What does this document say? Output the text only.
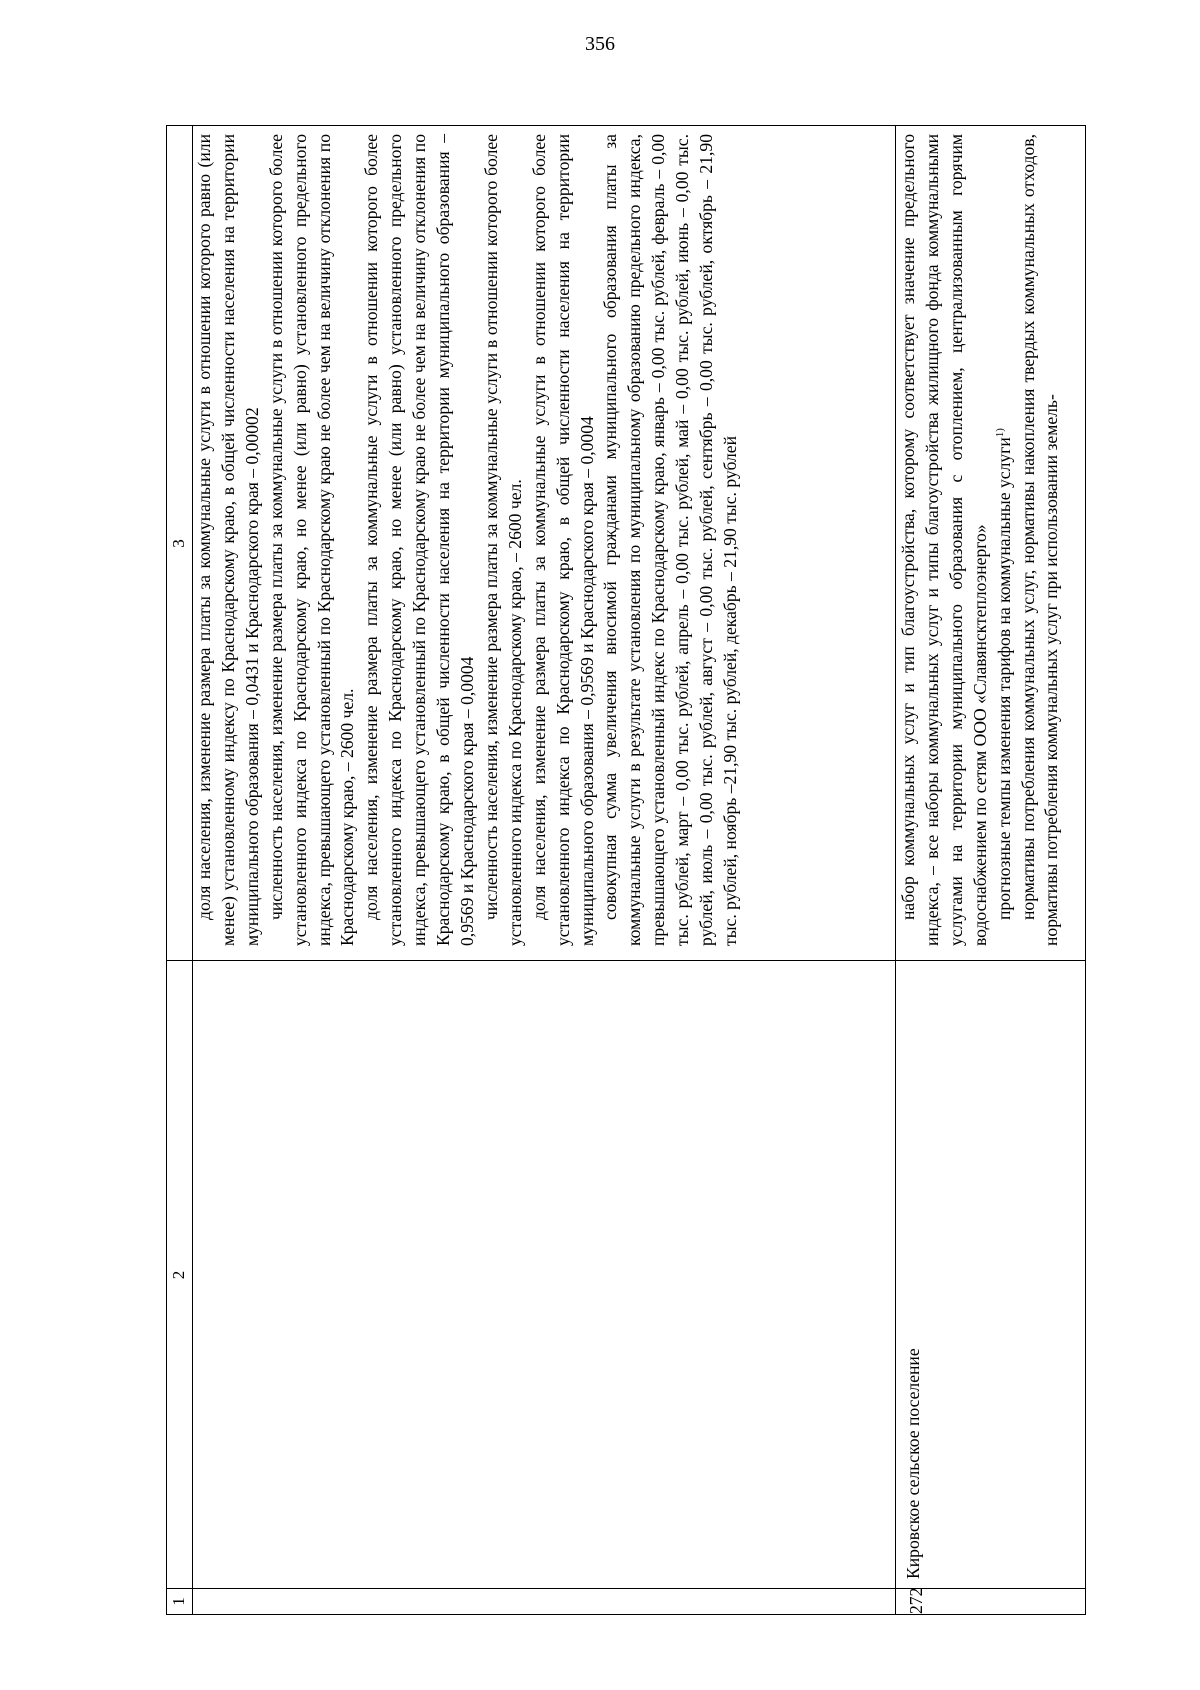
356
1
2
3 доля населения, изменение размера платы за коммунальные услуги в отношении которого равно (или менее) установленному индексу по Краснодарскому краю, в общей численности населения на территории муниципального образования – 0,0431 и Краснодарского края – 0,00002 численность населения, изменение размера платы за коммунальные услуги в отношении которого более установленного индекса по Краснодарскому краю, но менее (или равно) установленного предельного индекса, превышающего установленный по Краснодарскому краю не более чем на величину отклонения по Краснодарскому краю, – 2600 чел. доля населения, изменение размера платы за коммунальные услуги в отношении которого более установленного индекса по Краснодарскому краю, но менее (или равно) установленного предельного индекса, превышающего установленный по Краснодарскому краю не более чем на величину отклонения по Краснодарскому краю, в общей численности населения на территории муниципального образования – 0,9569 и Краснодарского края – 0,0004 численность населения, изменение размера платы за коммунальные услуги в отношении которого более установленного индекса по Краснодарскому краю, – 2600 чел. доля населения, изменение размера платы за коммунальные услуги в отношении которого более установленного индекса по Краснодарскому краю, в общей численности населения на территории муниципального образования – 0,9569 и Краснодарского края – 0,0004 совокупная сумма увеличения вносимой гражданами муниципального образования платы за коммунальные услуги в результате установления по муниципальному образованию предельного индекса, превышающего установленный индекс по Краснодарскому краю, январь – 0,00 тыс. рублей, февраль – 0,00 тыс. рублей, март – 0,00 тыс. рублей, апрель – 0,00 тыс. рублей, май – 0,00 тыс. рублей, июнь – 0,00 тыс. рублей, июль – 0,00 тыс. рублей, август – 0,00 тыс. рублей, сентябрь – 0,00 тыс. рублей, октябрь – 21,90 тыс. рублей, ноябрь –21,90 тыс. рублей, декабрь – 21,90 тыс. рублей

272
Кировское сельское поселение

набор коммунальных услуг и тип благоустройства, которому соответствует значение предельного индекса, – все наборы коммунальных услуг и типы благоустройства жилищного фонда коммунальными услугами на территории муниципального образования с отоплением, централизованным горячим водоснабжением по сетям ООО «Славянсктеплоэнерго» прогнозные темпы изменения тарифов на коммунальные услуги$^{1)}$ нормативы потребления коммунальных услуг, нормативы накопления твердых коммунальных отходов, нормативы потребления коммунальных услуг при использовании земель-
